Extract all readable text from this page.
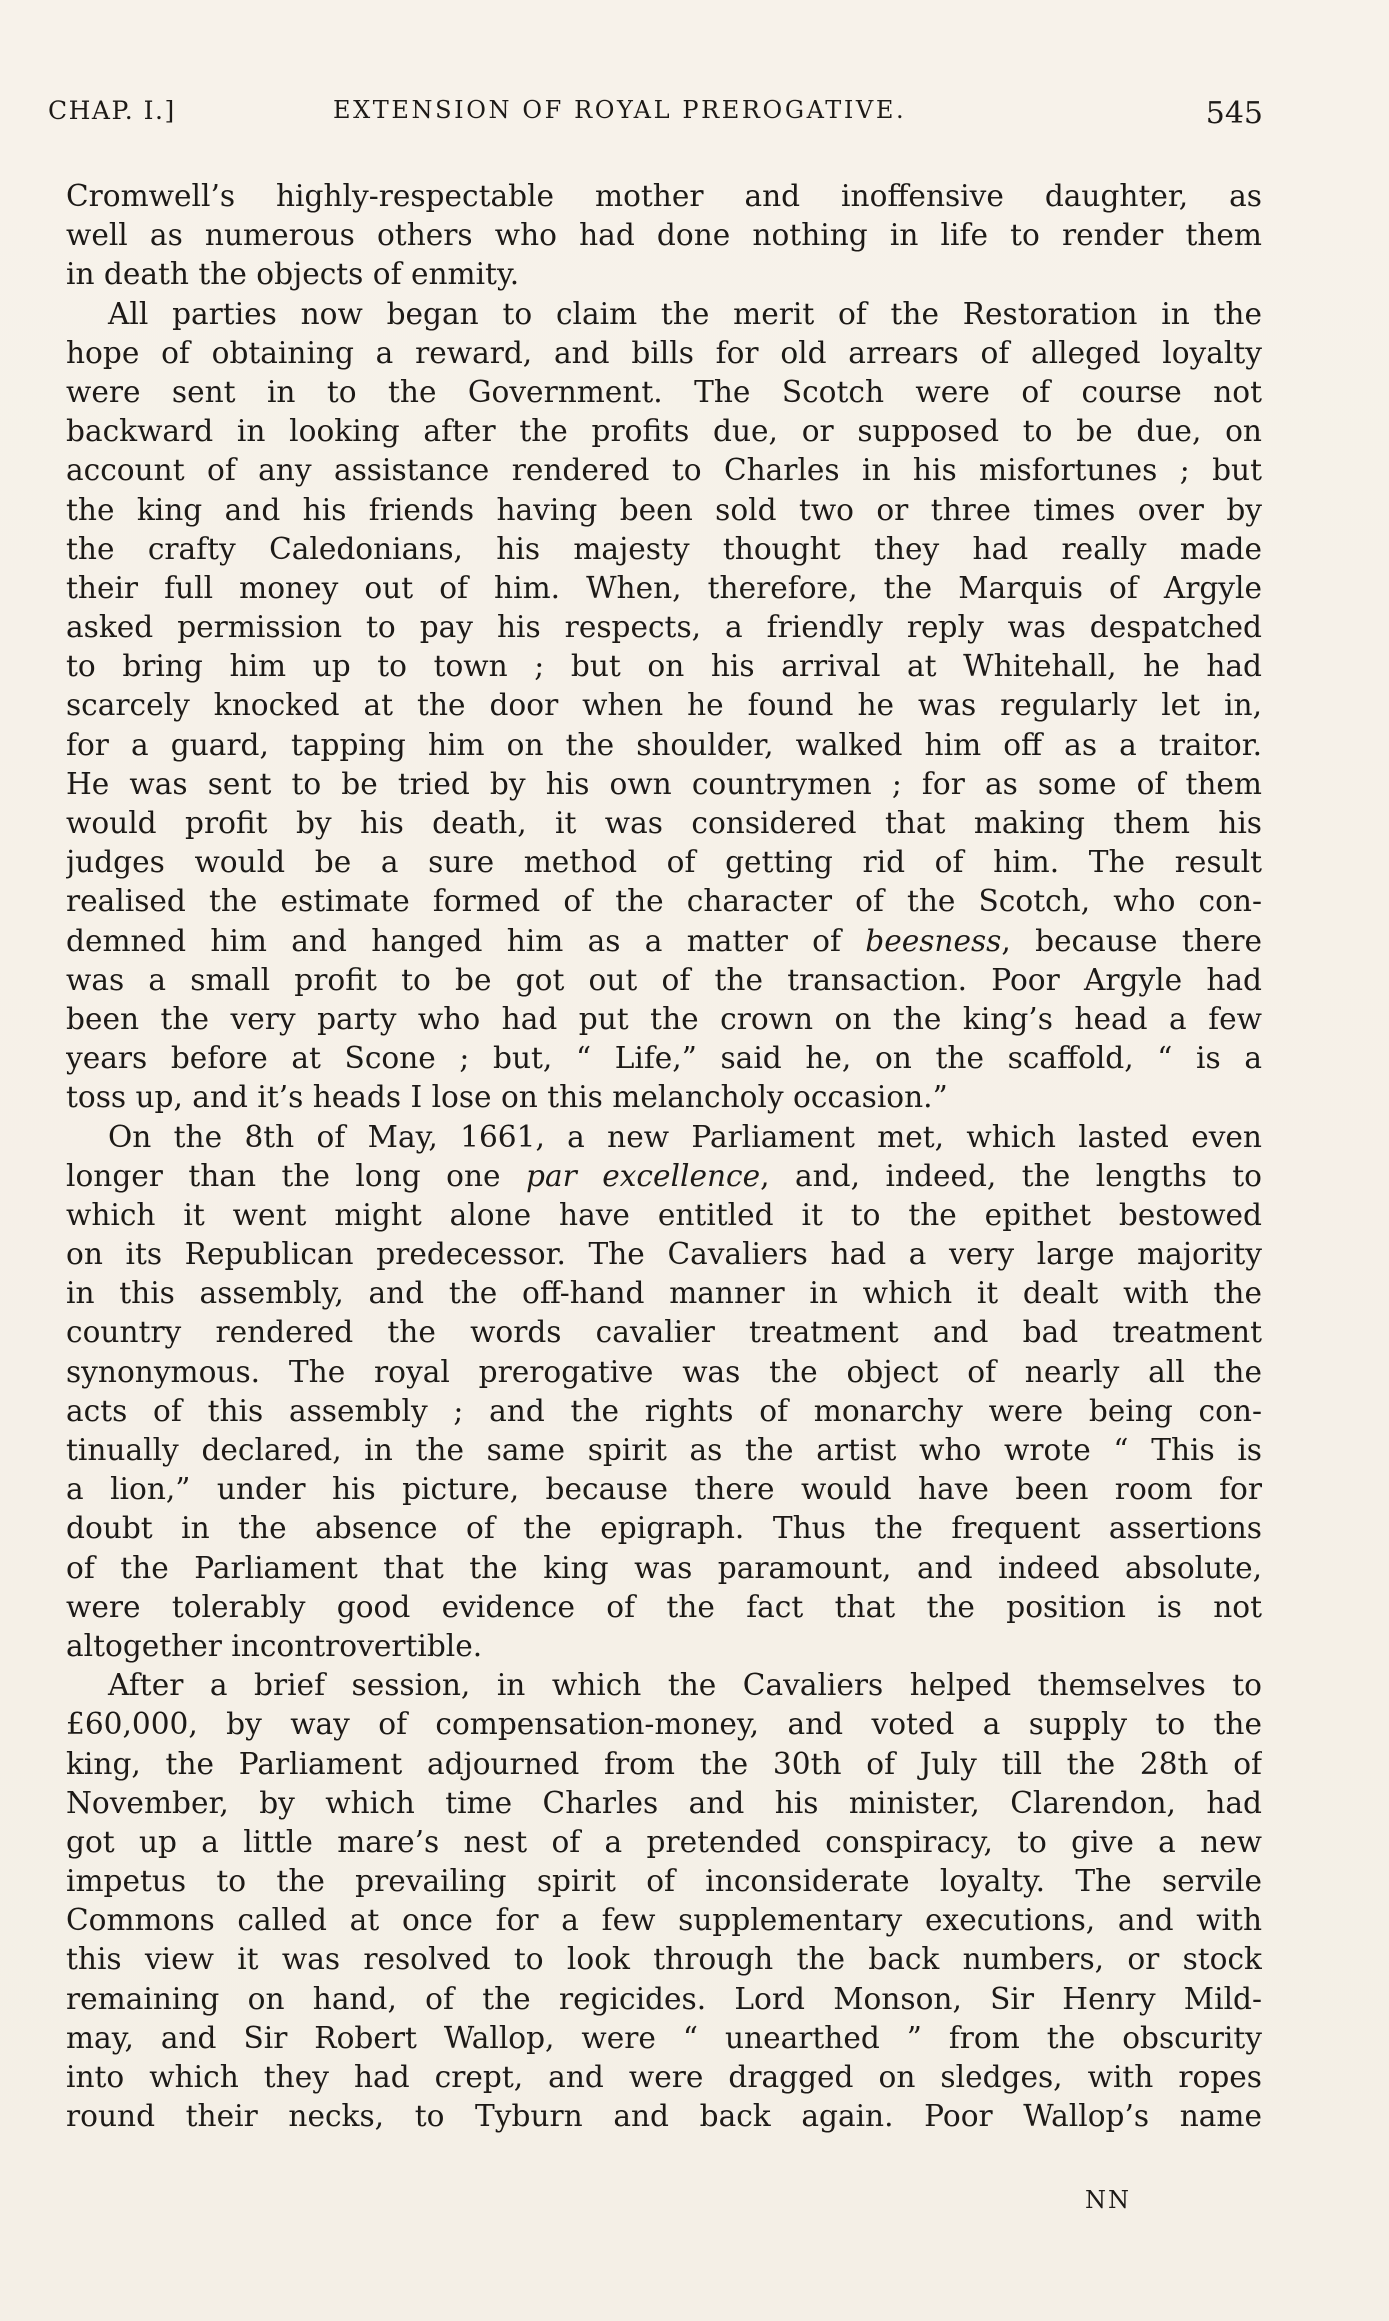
CHAP. I.]	EXTENSION OF ROYAL PREROGATIVE.	545
Cromwell’s highly-respectable mother and inoffensive daughter, as
well as numerous others who had done nothing in life to render them
in death the objects of enmity.
All parties now began to claim the merit of the Restoration in the
hope of obtaining a reward, and bills for old arrears of alleged loyalty
were sent in to the Government. The Scotch were of course not
backward in looking after the profits due, or supposed to be due, on
account of any assistance rendered to Charles in his misfortunes ; but
the king and his friends having been sold two or three times over by
the crafty Caledonians, his majesty thought they had really made
their full money out of him. When, therefore, the Marquis of Argyle
asked permission to pay his respects, a friendly reply was despatched
to bring him up to town ; but on his arrival at Whitehall, he had
scarcely knocked at the door when he found he was regularly let in,
for a guard, tapping him on the shoulder, walked him off as a traitor.
He was sent to be tried by his own countrymen ; for as some of them
would profit by his death, it was considered that making them his
judges would be a sure method of getting rid of him. The result
realised the estimate formed of the character of the Scotch, who con-
demned him and hanged him as a matter of beesness, because there
was a small profit to be got out of the transaction. Poor Argyle had
been the very party who had put the crown on the king’s head a few
years before at Scone ; but, “ Life,” said he, on the scaffold, “ is a
toss up, and it’s heads I lose on this melancholy occasion.”
On the 8th of May, 1661, a new Parliament met, which lasted even
longer than the long one par excellence, and, indeed, the lengths to
which it went might alone have entitled it to the epithet bestowed
on its Republican predecessor. The Cavaliers had a very large majority
in this assembly, and the off-hand manner in which it dealt with the
country rendered the words cavalier treatment and bad treatment
synonymous. The royal prerogative was the object of nearly all the
acts of this assembly ; and the rights of monarchy were being con-
tinually declared, in the same spirit as the artist who wrote “ This is
a lion,” under his picture, because there would have been room for
doubt in the absence of the epigraph. Thus the frequent assertions
of the Parliament that the king was paramount, and indeed absolute,
were tolerably good evidence of the fact that the position is not
altogether incontrovertible.
After a brief session, in which the Cavaliers helped themselves to
£60,000, by way of compensation-money, and voted a supply to the
king, the Parliament adjourned from the 30th of July till the 28th of
November, by which time Charles and his minister, Clarendon, had
got up a little mare’s nest of a pretended conspiracy, to give a new
impetus to the prevailing spirit of inconsiderate loyalty. The servile
Commons called at once for a few supplementary executions, and with
this view it was resolved to look through the back numbers, or stock
remaining on hand, of the regicides. Lord Monson, Sir Henry Mild-
may, and Sir Robert Wallop, were “ unearthed ” from the obscurity
into which they had crept, and were dragged on sledges, with ropes
round their necks, to Tyburn and back again. Poor Wallop’s name
NN
